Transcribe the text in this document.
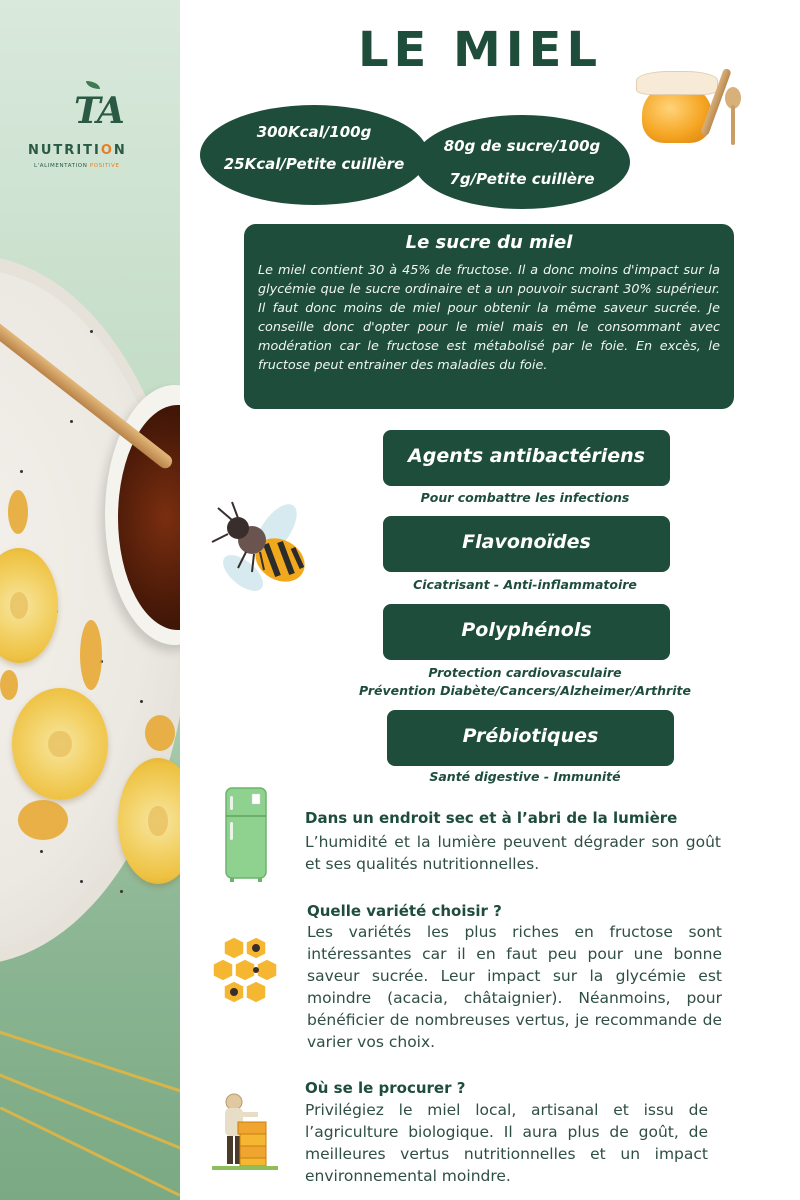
TA
NUTRITION
L'ALIMENTATION POSITIVE
LE MIEL
300Kcal/100g
25Kcal/Petite cuillère
80g de sucre/100g
7g/Petite cuillère
Le sucre du miel
Le miel contient 30 à 45% de fructose. Il a donc moins d'impact sur la glycémie que le sucre ordinaire et a un pouvoir sucrant 30% supérieur. Il faut donc moins de miel pour obtenir la même saveur sucrée. Je conseille donc d'opter pour le miel mais en le consommant avec modération car le fructose est métabolisé par le foie. En excès, le fructose peut entrainer des maladies du foie.
Agents antibactériens
Pour combattre les infections
Flavonoïdes
Cicatrisant - Anti-inflammatoire
Polyphénols
Protection cardiovasculaire
Prévention Diabète/Cancers/Alzheimer/Arthrite
Prébiotiques
Santé digestive - Immunité
Dans un endroit sec et à l’abri de la lumière
L’humidité et la lumière peuvent dégrader son goût et ses qualités nutritionnelles.
Quelle variété choisir ?
Les variétés les plus riches en fructose sont intéressantes car il en faut peu pour une bonne saveur sucrée. Leur impact sur la glycémie est moindre (acacia, châtaignier). Néanmoins, pour bénéficier de nombreuses vertus, je recommande de varier vos choix.
Où se le procurer ?
Privilégiez le miel local, artisanal et issu de l’agriculture biologique. Il aura plus de goût, de meilleures vertus nutritionnelles et un impact environnemental moindre.
